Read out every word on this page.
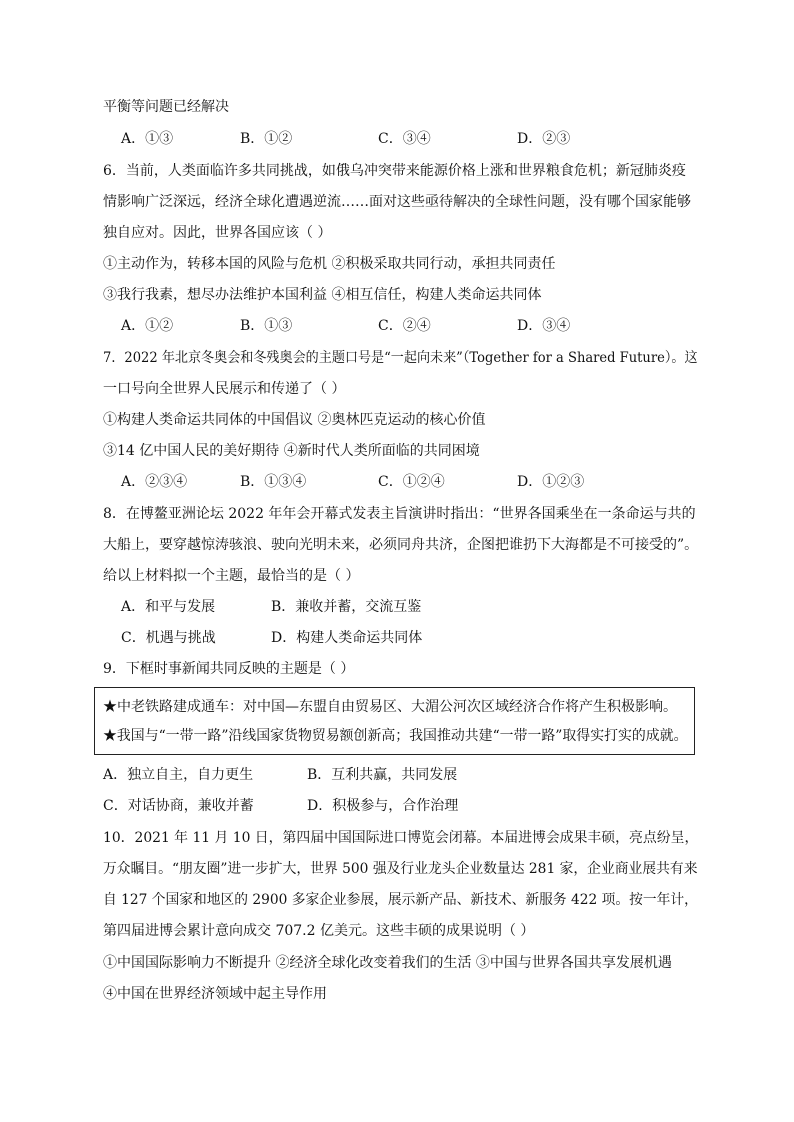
平衡等问题已经解决
A．①③	B．①②	C．③④	D．②③
6．当前，人类面临许多共同挑战，如俄乌冲突带来能源价格上涨和世界粮食危机；新冠肺炎疫
情影响广泛深远，经济全球化遭遇逆流……面对这些亟待解决的全球性问题，没有哪个国家能够
独自应对。因此，世界各国应该（ ）
①主动作为，转移本国的风险与危机 ②积极采取共同行动，承担共同责任
③我行我素，想尽办法维护本国利益 ④相互信任，构建人类命运共同体
A．①②	B．①③	C．②④	D．③④
7．2022 年北京冬奥会和冬残奥会的主题口号是“一起向未来”（Together for a Shared Future）。这
一口号向全世界人民展示和传递了（ ）
①构建人类命运共同体的中国倡议 ②奥林匹克运动的核心价值
③14 亿中国人民的美好期待 ④新时代人类所面临的共同困境
A．②③④	B．①③④	C．①②④	D．①②③
8．在博鳌亚洲论坛 2022 年年会开幕式发表主旨演讲时指出：“世界各国乘坐在一条命运与共的
大船上，要穿越惊涛骇浪、驶向光明未来，必须同舟共济，企图把谁扔下大海都是不可接受的”。
给以上材料拟一个主题，最恰当的是（ ）
A．和平与发展	B．兼收并蓄，交流互鉴
C．机遇与挑战	D．构建人类命运共同体
9．下框时事新闻共同反映的主题是（ ）
★中老铁路建成通车：对中国—东盟自由贸易区、大湄公河次区域经济合作将产生积极影响。
★我国与“一带一路”沿线国家货物贸易额创新高；我国推动共建“一带一路”取得实打实的成就。
A．独立自主，自力更生	B．互利共赢，共同发展
C．对话协商，兼收并蓄	D．积极参与，合作治理
10．2021 年 11 月 10 日，第四届中国国际进口博览会闭幕。本届进博会成果丰硕，亮点纷呈，
万众瞩目。“朋友圈”进一步扩大，世界 500 强及行业龙头企业数量达 281 家，企业商业展共有来
自 127 个国家和地区的 2900 多家企业参展，展示新产品、新技术、新服务 422 项。按一年计，
第四届进博会累计意向成交 707.2 亿美元。这些丰硕的成果说明（ ）
①中国国际影响力不断提升 ②经济全球化改变着我们的生活 ③中国与世界各国共享发展机遇
④中国在世界经济领域中起主导作用
